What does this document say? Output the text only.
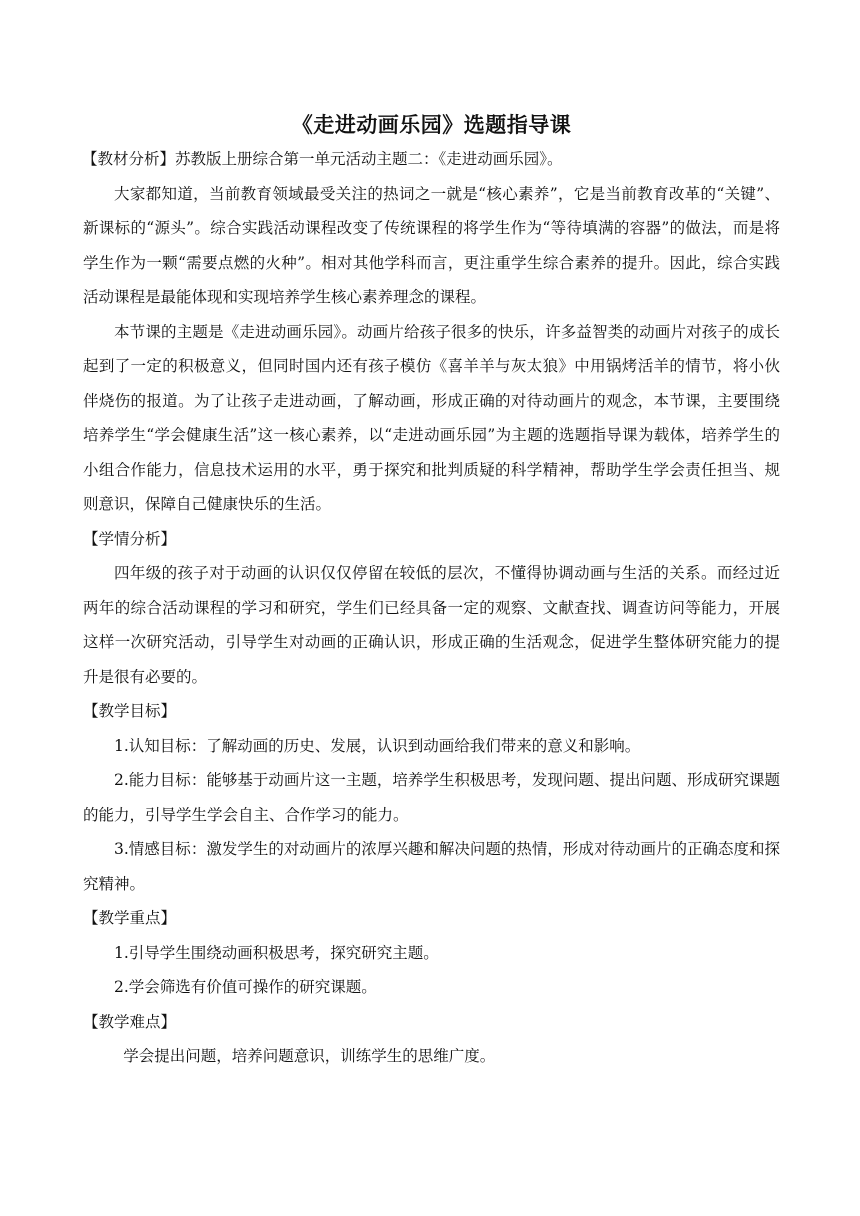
《走进动画乐园》选题指导课

【教材分析】苏教版上册综合第一单元活动主题二：《走进动画乐园》。

大家都知道，当前教育领域最受关注的热词之一就是“核心素养”，它是当前教育改革的“关键”、新课标的“源头”。综合实践活动课程改变了传统课程的将学生作为“等待填满的容器”的做法，而是将学生作为一颗“需要点燃的火种”。相对其他学科而言，更注重学生综合素养的提升。因此，综合实践活动课程是最能体现和实现培养学生核心素养理念的课程。

本节课的主题是《走进动画乐园》。动画片给孩子很多的快乐，许多益智类的动画片对孩子的成长起到了一定的积极意义，但同时国内还有孩子模仿《喜羊羊与灰太狼》中用锅烤活羊的情节，将小伙伴烧伤的报道。为了让孩子走进动画，了解动画，形成正确的对待动画片的观念，本节课，主要围绕培养学生“学会健康生活”这一核心素养，以“走进动画乐园”为主题的选题指导课为载体，培养学生的小组合作能力，信息技术运用的水平，勇于探究和批判质疑的科学精神，帮助学生学会责任担当、规则意识，保障自己健康快乐的生活。

【学情分析】

四年级的孩子对于动画的认识仅仅停留在较低的层次，不懂得协调动画与生活的关系。而经过近两年的综合活动课程的学习和研究，学生们已经具备一定的观察、文献查找、调查访问等能力，开展这样一次研究活动，引导学生对动画的正确认识，形成正确的生活观念，促进学生整体研究能力的提升是很有必要的。

【教学目标】

1.认知目标：了解动画的历史、发展，认识到动画给我们带来的意义和影响。

2.能力目标：能够基于动画片这一主题，培养学生积极思考，发现问题、提出问题、形成研究课题的能力，引导学生学会自主、合作学习的能力。

3.情感目标：激发学生的对动画片的浓厚兴趣和解决问题的热情，形成对待动画片的正确态度和探究精神。

【教学重点】

1.引导学生围绕动画积极思考，探究研究主题。

2.学会筛选有价值可操作的研究课题。

【教学难点】

学会提出问题，培养问题意识，训练学生的思维广度。
